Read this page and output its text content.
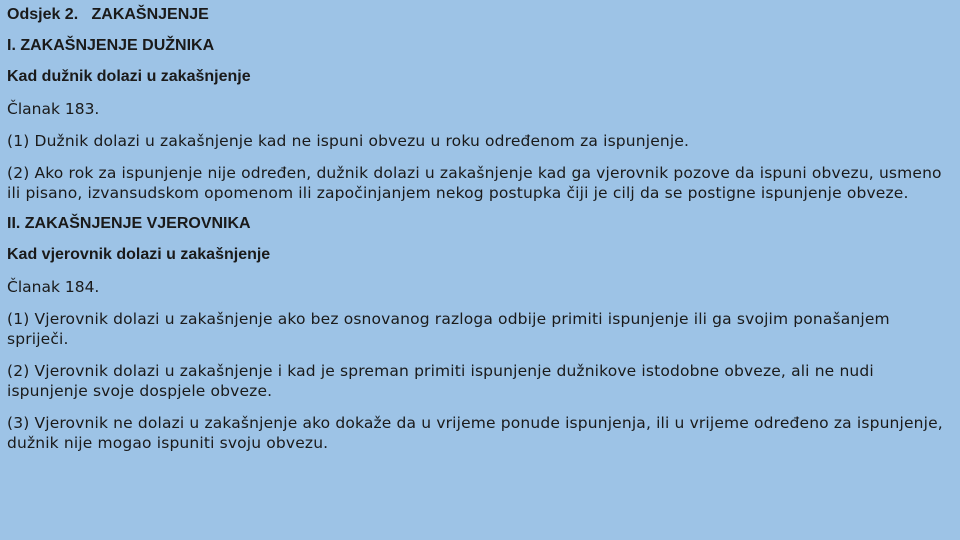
Odsjek 2.   ZAKAŠNJENJE

I. ZAKAŠNJENJE DUŽNIKA

Kad dužnik dolazi u zakašnjenje

Članak 183.

(1) Dužnik dolazi u zakašnjenje kad ne ispuni obvezu u roku određenom za ispunjenje.

(2) Ako rok za ispunjenje nije određen, dužnik dolazi u zakašnjenje kad ga vjerovnik pozove da ispuni obvezu, usmeno ili pisano, izvansudskom opomenom ili započinjanjem nekog postupka čiji je cilj da se postigne ispunjenje obveze.

II. ZAKAŠNJENJE VJEROVNIKA

Kad vjerovnik dolazi u zakašnjenje

Članak 184.

(1) Vjerovnik dolazi u zakašnjenje ako bez osnovanog razloga odbije primiti ispunjenje ili ga svojim ponašanjem spriječi.

(2) Vjerovnik dolazi u zakašnjenje i kad je spreman primiti ispunjenje dužnikove istodobne obveze, ali ne nudi ispunjenje svoje dospjele obveze.

(3) Vjerovnik ne dolazi u zakašnjenje ako dokaže da u vrijeme ponude ispunjenja, ili u vrijeme određeno za ispunjenje, dužnik nije mogao ispuniti svoju obvezu.
